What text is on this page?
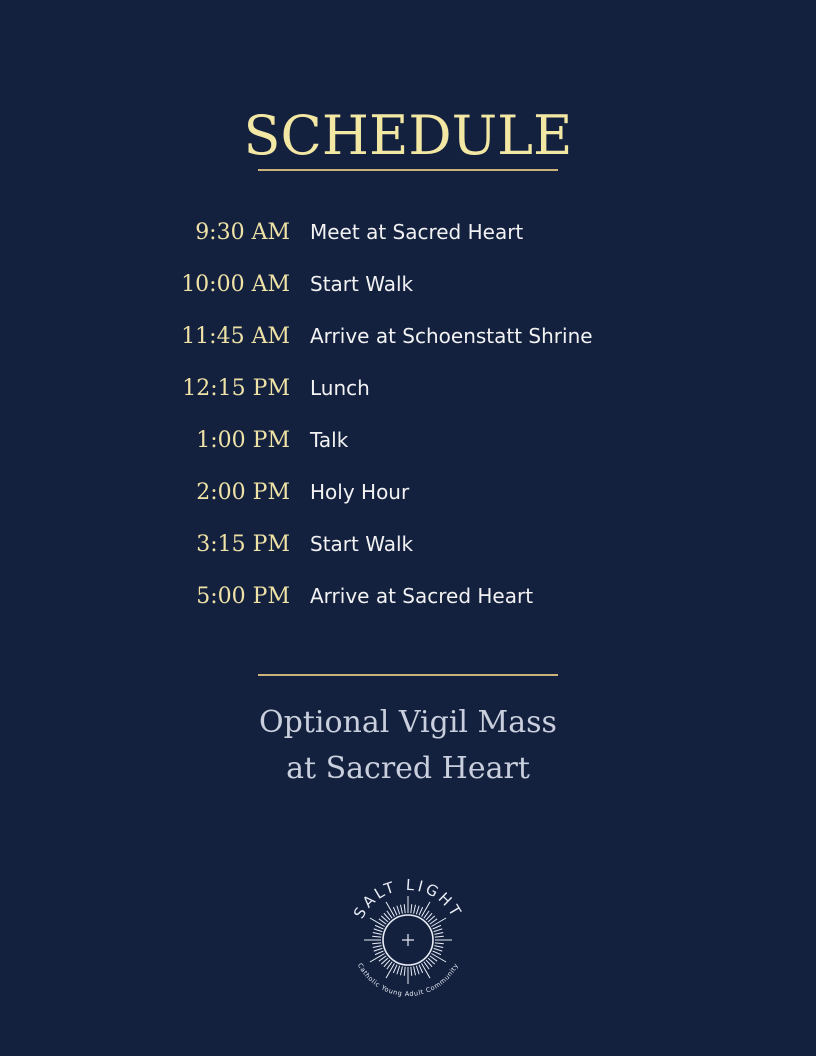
SCHEDULE
9:30 AM Meet at Sacred Heart
10:00 AM Start Walk
11:45 AM Arrive at Schoenstatt Shrine
12:15 PM Lunch
1:00 PM Talk
2:00 PM Holy Hour
3:15 PM Start Walk
5:00 PM Arrive at Sacred Heart
Optional Vigil Mass
at Sacred Heart
SALT LIGHT
Catholic Young Adult Community
